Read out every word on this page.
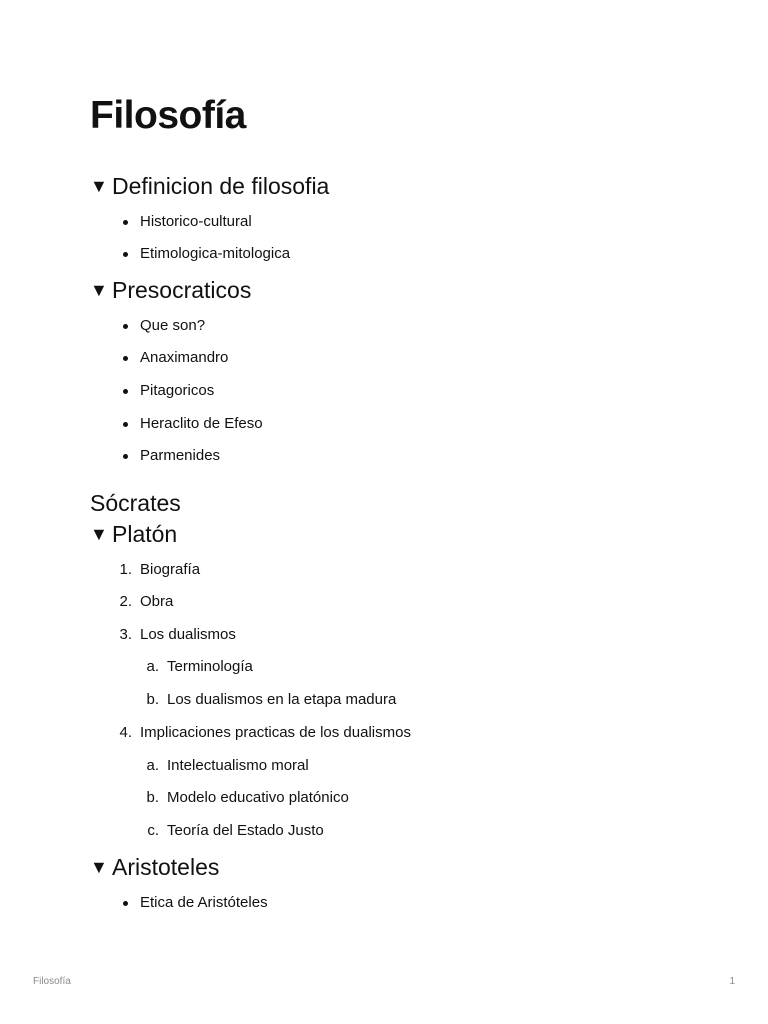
Filosofía
▼ Definicion de filosofia
Historico-cultural
Etimologica-mitologica
▼ Presocraticos
Que son?
Anaximandro
Pitagoricos
Heraclito de Efeso
Parmenides
Sócrates
▼ Platón
1. Biografía
2. Obra
3. Los dualismos
a. Terminología
b. Los dualismos en la etapa madura
4. Implicaciones practicas de los dualismos
a. Intelectualismo moral
b. Modelo educativo platónico
c. Teoría del Estado Justo
▼ Aristoteles
Etica de Aristóteles
Filosofía	1
